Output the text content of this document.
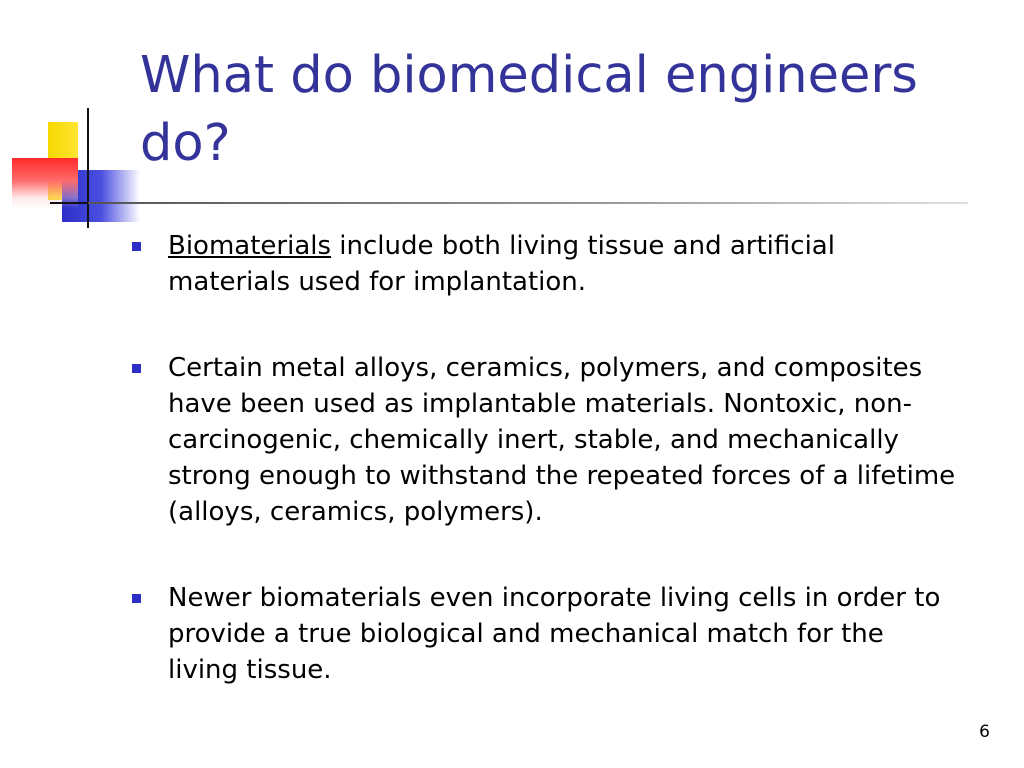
What do biomedical engineers do?
Biomaterials include both living tissue and artificial materials used for implantation.
Certain metal alloys, ceramics, polymers, and composites have been used as implantable materials. Nontoxic, non-carcinogenic, chemically inert, stable, and mechanically strong enough to withstand the repeated forces of a lifetime (alloys, ceramics, polymers).
Newer biomaterials even incorporate living cells in order to provide a true biological and mechanical match for the living tissue.
6
